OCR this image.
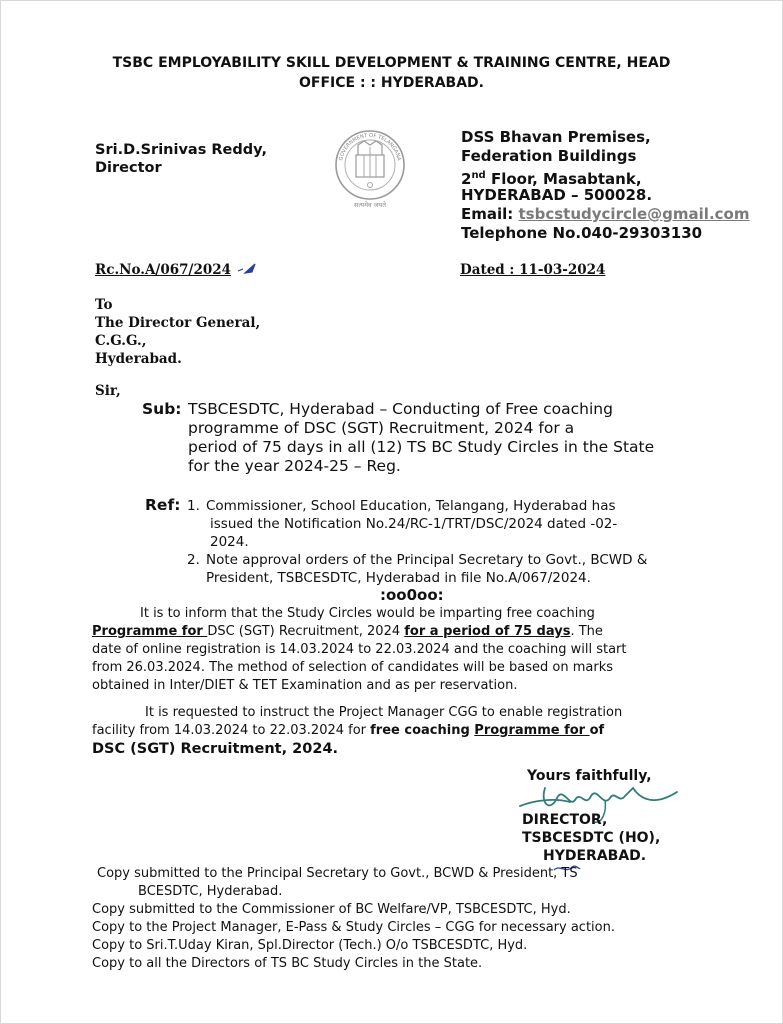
TSBC EMPLOYABILITY SKILL DEVELOPMENT & TRAINING CENTRE, HEAD
OFFICE : : HYDERABAD.
Sri.D.Srinivas Reddy,
Director
GOVERNMENT OF TELANGANA
सत्यमेव जयते
DSS Bhavan Premises,
Federation Buildings
2nd Floor, Masabtank,
HYDERABAD – 500028.
Email: tsbcstudycircle@gmail.com
Telephone No.040-29303130
Rc.No.A/067/2024	Dated : 11-03-2024
To
The Director General,
C.G.G.,
Hyderabad.
Sir,
Sub: TSBCESDTC, Hyderabad – Conducting of Free coaching
programme of DSC (SGT) Recruitment, 2024 for a
period of 75 days in all (12) TS BC Study Circles in the State
for the year 2024-25 – Reg.
Ref: 1. Commissioner, School Education, Telangang, Hyderabad has
issued the Notification No.24/RC-1/TRT/DSC/2024 dated -02-
2024.
2. Note approval orders of the Principal Secretary to Govt., BCWD &
President, TSBCESDTC, Hyderabad in file No.A/067/2024.
:oo0oo:
It is to inform that the Study Circles would be imparting free coaching
Programme for DSC (SGT) Recruitment, 2024 for a period of 75 days. The
date of online registration is 14.03.2024 to 22.03.2024 and the coaching will start
from 26.03.2024. The method of selection of candidates will be based on marks
obtained in Inter/DIET & TET Examination and as per reservation.
It is requested to instruct the Project Manager CGG to enable registration
facility from 14.03.2024 to 22.03.2024 for free coaching Programme for of
DSC (SGT) Recruitment, 2024.
Yours faithfully,
DIRECTOR,
TSBCESDTC (HO),
HYDERABAD.
Copy submitted to the Principal Secretary to Govt., BCWD & President, TS
BCESDTC, Hyderabad.
Copy submitted to the Commissioner of BC Welfare/VP, TSBCESDTC, Hyd.
Copy to the Project Manager, E-Pass & Study Circles – CGG for necessary action.
Copy to Sri.T.Uday Kiran, Spl.Director (Tech.) O/o TSBCESDTC, Hyd.
Copy to all the Directors of TS BC Study Circles in the State.
